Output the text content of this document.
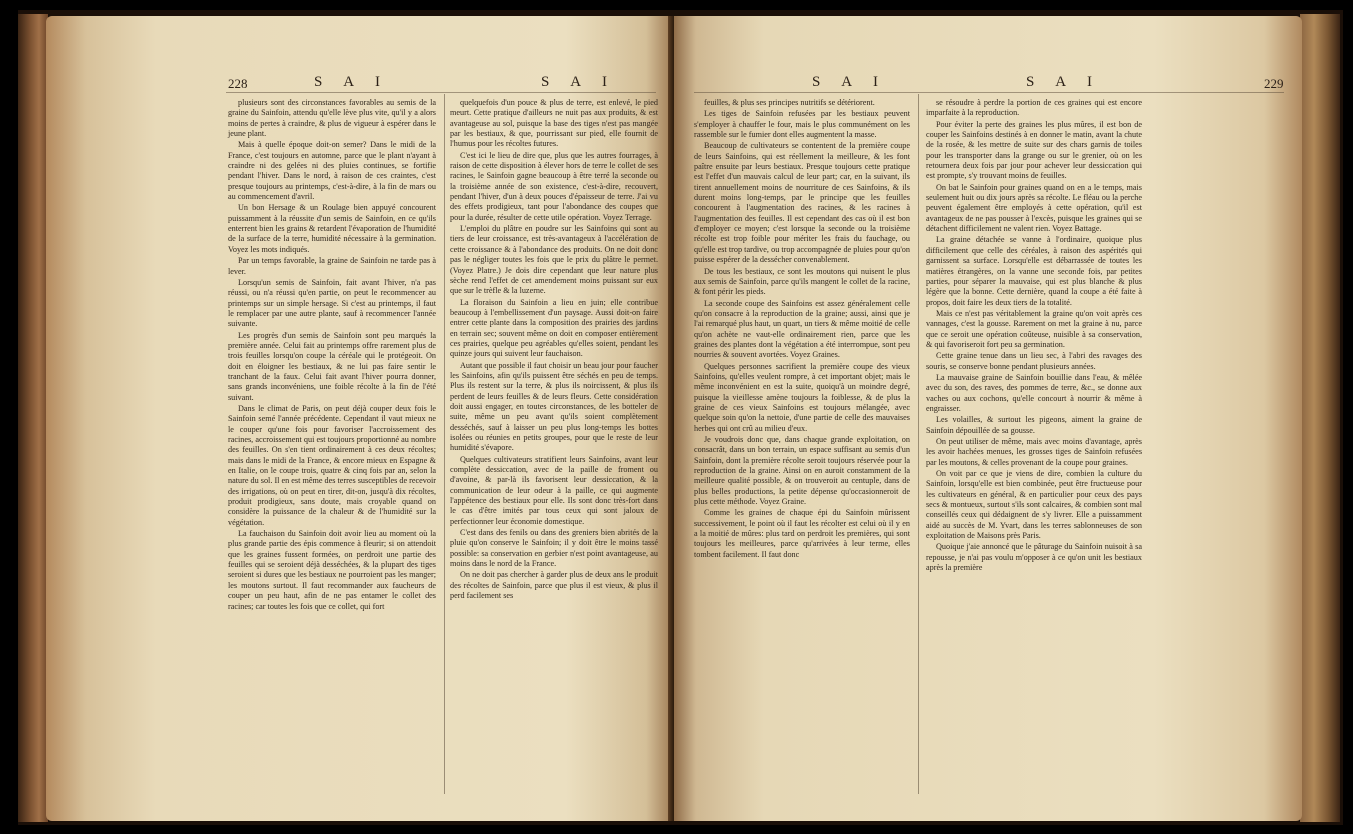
228	S A I	S A I

plusieurs sont des circonstances favorables au semis de la graine du Sainfoin, attendu qu'elle lève plus vite, qu'il y a alors moins de pertes à craindre, & plus de vigueur à espérer dans le jeune plant.

Mais à quelle époque doit-on semer? Dans le midi de la France, c'est toujours en automne, parce que le plant n'ayant à craindre ni des gelées ni des pluies continues, se fortifie pendant l'hiver. Dans le nord, à raison de ces craintes, c'est presque toujours au printemps, c'est-à-dire, à la fin de mars ou au commencement d'avril.

Un bon Hersage & un Roulage bien appuyé concourent puissamment à la réussite d'un semis de Sainfoin, en ce qu'ils enterrent bien les grains & retardent l'évaporation de l'humidité de la surface de la terre, humidité nécessaire à la germination. Voyez les mots indiqués.

Par un temps favorable, la graine de Sainfoin ne tarde pas à lever.

Lorsqu'un semis de Sainfoin, fait avant l'hiver, n'a pas réussi, ou n'a réussi qu'en partie, on peut le recommencer au printemps sur un simple hersage. Si c'est au printemps, il faut le remplacer par une autre plante, sauf à recommencer l'année suivante.

Les progrès d'un semis de Sainfoin sont peu marqués la première année. Celui fait au printemps offre rarement plus de trois feuilles lorsqu'on coupe la céréale qui le protégeoit. On doit en éloigner les bestiaux, & ne lui pas faire sentir le tranchant de la faux. Celui fait avant l'hiver pourra donner, sans grands inconvéniens, une foible récolte à la fin de l'été suivant.

Dans le climat de Paris, on peut déjà couper deux fois le Sainfoin semé l'année précédente. Cependant il vaut mieux ne le couper qu'une fois pour favoriser l'accroissement des racines, accroissement qui est toujours proportionné au nombre des feuilles. On s'en tient ordinairement à ces deux récoltes; mais dans le midi de la France, & encore mieux en Espagne & en Italie, on le coupe trois, quatre & cinq fois par an, selon la nature du sol. Il en est même des terres susceptibles de recevoir des irrigations, où on peut en tirer, dit-on, jusqu'à dix récoltes, produit prodigieux, sans doute, mais croyable quand on considère la puissance de la chaleur & de l'humidité sur la végétation.

La fauchaison du Sainfoin doit avoir lieu au moment où la plus grande partie des épis commence à fleurir; si on attendoit que les graines fussent formées, on perdroit une partie des feuilles qui se seroient déjà desséchées, & la plupart des tiges seroient si dures que les bestiaux ne pourroient pas les manger; les moutons surtout. Il faut recommander aux faucheurs de couper un peu haut, afin de ne pas entamer le collet des racines; car toutes les fois que ce collet, qui fort

quelquefois d'un pouce & plus de terre, est enlevé, le pied meurt. Cette pratique d'ailleurs ne nuit pas aux produits, & est avantageuse au sol, puisque la base des tiges n'est pas mangée par les bestiaux, & que, pourrissant sur pied, elle fournit de l'humus pour les récoltes futures.

C'est ici le lieu de dire que, plus que les autres fourrages, à raison de cette disposition à élever hors de terre le collet de ses racines, le Sainfoin gagne beaucoup à être terré la seconde ou la troisième année de son existence, c'est-à-dire, recouvert, pendant l'hiver, d'un à deux pouces d'épaisseur de terre. J'ai vu des effets prodigieux, tant pour l'abondance des coupes que pour la durée, résulter de cette utile opération. Voyez Terrage.

L'emploi du plâtre en poudre sur les Sainfoins qui sont au tiers de leur croissance, est très-avantageux à l'accélération de cette croissance & à l'abondance des produits. On ne doit donc pas le négliger toutes les fois que le prix du plâtre le permet. (Voyez Platre.) Je dois dire cependant que leur nature plus sèche rend l'effet de cet amendement moins puissant sur eux que sur le trèfle & la luzerne.

La floraison du Sainfoin a lieu en juin; elle contribue beaucoup à l'embellissement d'un paysage. Aussi doit-on faire entrer cette plante dans la composition des prairies des jardins en terrain sec; souvent même on doit en composer entièrement ces prairies, quelque peu agréables qu'elles soient, pendant les quinze jours qui suivent leur fauchaison.

Autant que possible il faut choisir un beau jour pour faucher les Sainfoins, afin qu'ils puissent être séchés en peu de temps. Plus ils restent sur la terre, & plus ils noircissent, & plus ils perdent de leurs feuilles & de leurs fleurs. Cette considération doit aussi engager, en toutes circonstances, de les botteler de suite, même un peu avant qu'ils soient complètement desséchés, sauf à laisser un peu plus long-temps les bottes isolées ou réunies en petits groupes, pour que le reste de leur humidité s'évapore.

Quelques cultivateurs stratifient leurs Sainfoins, avant leur complète dessiccation, avec de la paille de froment ou d'avoine, & par-là ils favorisent leur dessiccation, & la communication de leur odeur à la paille, ce qui augmente l'appétence des bestiaux pour elle. Ils sont donc très-fort dans le cas d'être imités par tous ceux qui sont jaloux de perfectionner leur économie domestique.

C'est dans des fenils ou dans des greniers bien abrités de la pluie qu'on conserve le Sainfoin; il y doit être le moins tassé possible: sa conservation en gerbier n'est point avantageuse, au moins dans le nord de la France.

On ne doit pas chercher à garder plus de deux ans le produit des récoltes de Sainfoin, parce que plus il est vieux, & plus il perd facilement ses

S A I	S A I	229

feuilles, & plus ses principes nutritifs se détériorent.

Les tiges de Sainfoin refusées par les bestiaux peuvent s'employer à chauffer le four, mais le plus communément on les rassemble sur le fumier dont elles augmentent la masse.

Beaucoup de cultivateurs se contentent de la première coupe de leurs Sainfoins, qui est réellement la meilleure, & les font paître ensuite par leurs bestiaux. Presque toujours cette pratique est l'effet d'un mauvais calcul de leur part; car, en la suivant, ils tirent annuellement moins de nourriture de ces Sainfoins, & ils durent moins long-temps, par le principe que les feuilles concourent à l'augmentation des racines, & les racines à l'augmentation des feuilles. Il est cependant des cas où il est bon d'employer ce moyen; c'est lorsque la seconde ou la troisième récolte est trop foible pour mériter les frais du fauchage, ou qu'elle est trop tardive, ou trop accompagnée de pluies pour qu'on puisse espérer de la dessécher convenablement.

De tous les bestiaux, ce sont les moutons qui nuisent le plus aux semis de Sainfoin, parce qu'ils mangent le collet de la racine, & font périr les pieds.

La seconde coupe des Sainfoins est assez généralement celle qu'on consacre à la reproduction de la graine; aussi, ainsi que je l'ai remarqué plus haut, un quart, un tiers & même moitié de celle qu'on achète ne vaut-elle ordinairement rien, parce que les graines des plantes dont la végétation a été interrompue, sont peu nourries & souvent avortées. Voyez Graines.

Quelques personnes sacrifient la première coupe des vieux Sainfoins, qu'elles veulent rompre, à cet important objet; mais le même inconvénient en est la suite, quoiqu'à un moindre degré, puisque la vieillesse amène toujours la foiblesse, & de plus la graine de ces vieux Sainfoins est toujours mélangée, avec quelque soin qu'on la nettoie, d'une partie de celle des mauvaises herbes qui ont crû au milieu d'eux.

Je voudrois donc que, dans chaque grande exploitation, on consacrât, dans un bon terrain, un espace suffisant au semis d'un Sainfoin, dont la première récolte seroit toujours réservée pour la reproduction de la graine. Ainsi on en auroit constamment de la meilleure qualité possible, & on trouveroit au centuple, dans de plus belles productions, la petite dépense qu'occasionneroit de plus cette méthode. Voyez Graine.

Comme les graines de chaque épi du Sainfoin mûrissent successivement, le point où il faut les récolter est celui où il y en a la moitié de mûres: plus tard on perdroit les premières, qui sont toujours les meilleures, parce qu'arrivées à leur terme, elles tombent facilement. Il faut donc

se résoudre à perdre la portion de ces graines qui est encore imparfaite à la reproduction.

Pour éviter la perte des graines les plus mûres, il est bon de couper les Sainfoins destinés à en donner le matin, avant la chute de la rosée, & les mettre de suite sur des chars garnis de toiles pour les transporter dans la grange ou sur le grenier, où on les retournera deux fois par jour pour achever leur dessiccation qui est prompte, s'y trouvant moins de feuilles.

On bat le Sainfoin pour graines quand on en a le temps, mais seulement huit ou dix jours après sa récolte. Le fléau ou la perche peuvent également être employés à cette opération, qu'il est avantageux de ne pas pousser à l'excès, puisque les graines qui se détachent difficilement ne valent rien. Voyez Battage.

La graine détachée se vanne à l'ordinaire, quoique plus difficilement que celle des céréales, à raison des aspérités qui garnissent sa surface. Lorsqu'elle est débarrassée de toutes les matières étrangères, on la vanne une seconde fois, par petites parties, pour séparer la mauvaise, qui est plus blanche & plus légère que la bonne. Cette dernière, quand la coupe a été faite à propos, doit faire les deux tiers de la totalité.

Mais ce n'est pas véritablement la graine qu'on voit après ces vannages, c'est la gousse. Rarement on met la graine à nu, parce que ce seroit une opération coûteuse, nuisible à sa conservation, & qui favoriseroit fort peu sa germination.

Cette graine tenue dans un lieu sec, à l'abri des ravages des souris, se conserve bonne pendant plusieurs années.

La mauvaise graine de Sainfoin bouillie dans l'eau, & mêlée avec du son, des raves, des pommes de terre, &c., se donne aux vaches ou aux cochons, qu'elle concourt à nourrir & même à engraisser.

Les volailles, & surtout les pigeons, aiment la graine de Sainfoin dépouillée de sa gousse.

On peut utiliser de même, mais avec moins d'avantage, après les avoir hachées menues, les grosses tiges de Sainfoin refusées par les moutons, & celles provenant de la coupe pour graines.

On voit par ce que je viens de dire, combien la culture du Sainfoin, lorsqu'elle est bien combinée, peut être fructueuse pour les cultivateurs en général, & en particulier pour ceux des pays secs & montueux, surtout s'ils sont calcaires, & combien sont mal conseillés ceux qui dédaignent de s'y livrer. Elle a puissamment aidé au succès de M. Yvart, dans les terres sablonneuses de son exploitation de Maisons près Paris.

Quoique j'aie annoncé que le pâturage du Sainfoin nuisoit à sa repousse, je n'ai pas voulu m'opposer à ce qu'on unit les bestiaux après la première
